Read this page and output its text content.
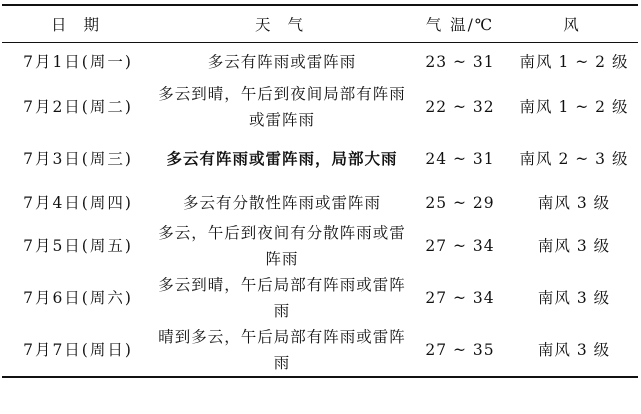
日 期	天 气	气 温/℃	风
7月1日(周一)	多云有阵雨或雷阵雨	23 ~ 31	南风 1 ~ 2 级
7月2日(周二)	多云到晴，午后到夜间局部有阵雨或雷阵雨	22 ~ 32	南风 1 ~ 2 级
7月3日(周三)	多云有阵雨或雷阵雨，局部大雨	24 ~ 31	南风 2 ~ 3 级
7月4日(周四)	多云有分散性阵雨或雷阵雨	25 ~ 29	南风 3 级
7月5日(周五)	多云，午后到夜间有分散阵雨或雷阵雨	27 ~ 34	南风 3 级
7月6日(周六)	多云到晴，午后局部有阵雨或雷阵雨	27 ~ 34	南风 3 级
7月7日(周日)	晴到多云，午后局部有阵雨或雷阵雨	27 ~ 35	南风 3 级
